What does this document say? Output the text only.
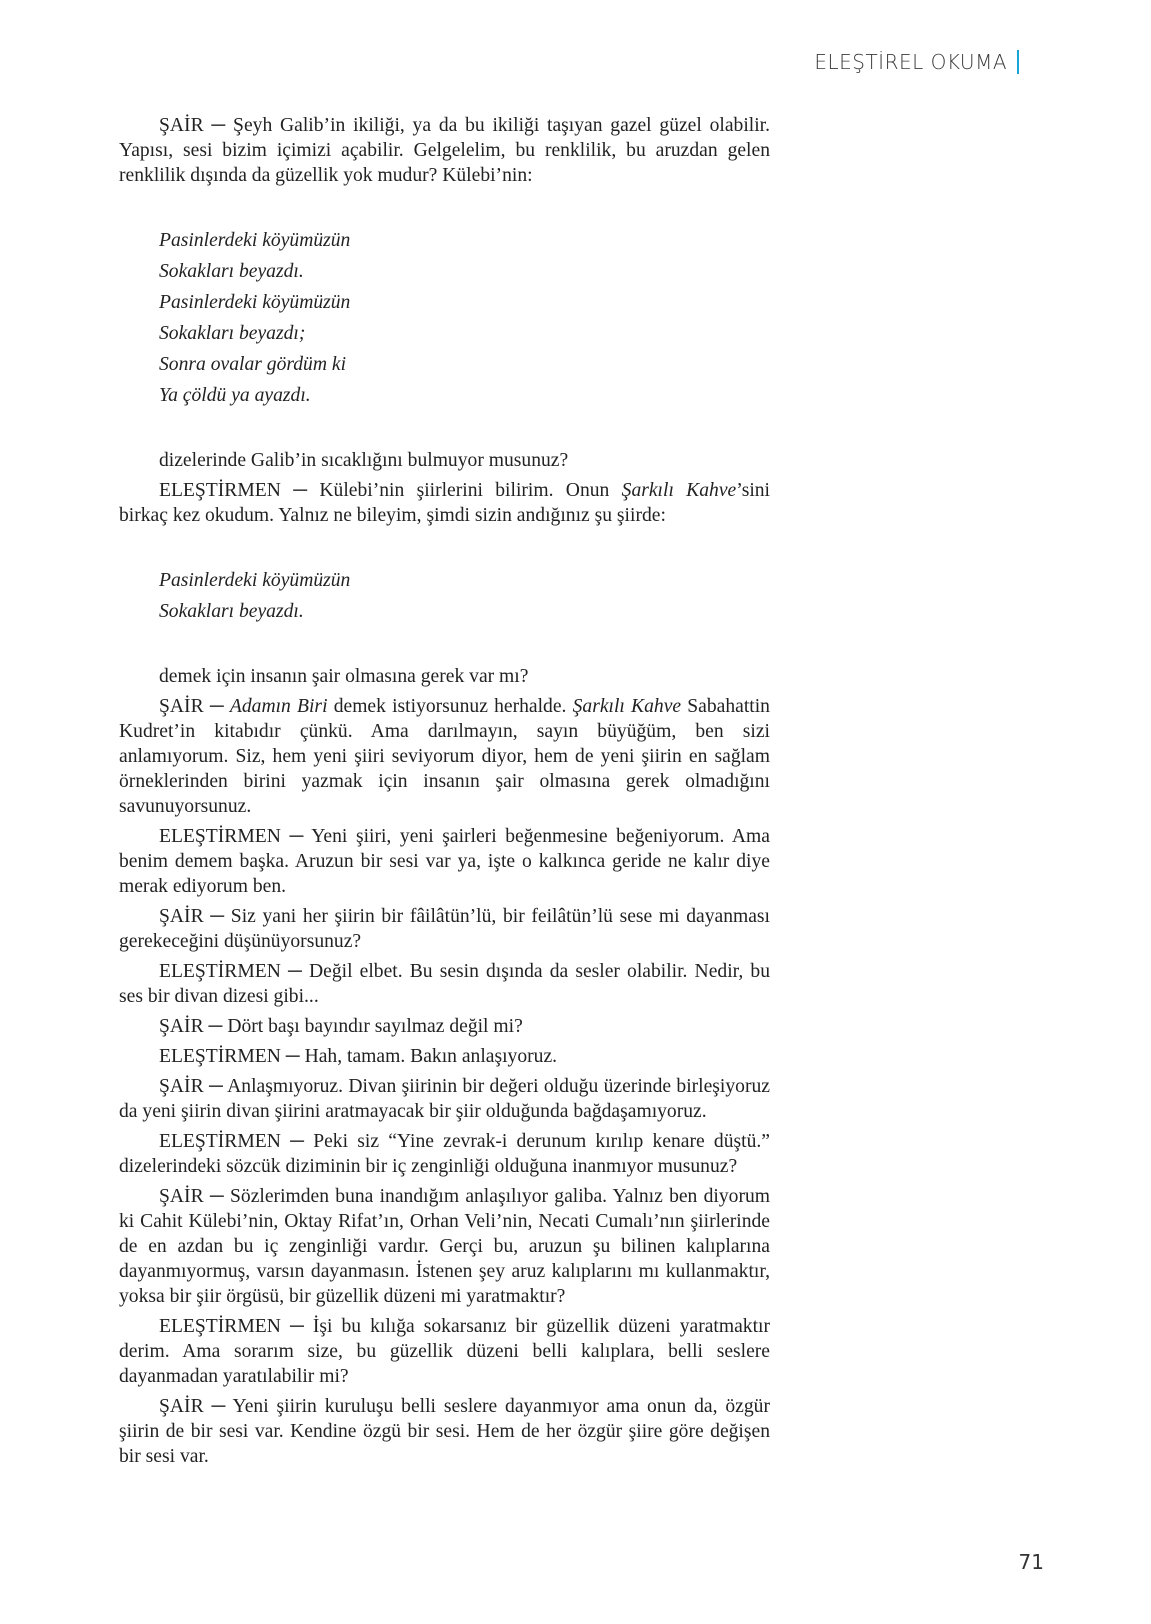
ELEŞTİREL OKUMA

ŞAİR ─ Şeyh Galib’in ikiliği, ya da bu ikiliği taşıyan gazel güzel olabilir. Yapısı, sesi bizim içimizi açabilir. Gelgelelim, bu renklilik, bu aruzdan gelen renklilik dışında da güzellik yok mudur? Külebi’nin:

Pasinlerdeki köyümüzün
Sokakları beyazdı.
Pasinlerdeki köyümüzün
Sokakları beyazdı;
Sonra ovalar gördüm ki
Ya çöldü ya ayazdı.

dizelerinde Galib’in sıcaklığını bulmuyor musunuz?

ELEŞTİRMEN ─ Külebi’nin şiirlerini bilirim. Onun Şarkılı Kahve’sini birkaç kez okudum. Yalnız ne bileyim, şimdi sizin andığınız şu şiirde:

Pasinlerdeki köyümüzün
Sokakları beyazdı.

demek için insanın şair olmasına gerek var mı?

ŞAİR ─ Adamın Biri demek istiyorsunuz herhalde. Şarkılı Kahve Sabahattin Kudret’in kitabıdır çünkü. Ama darılmayın, sayın büyüğüm, ben sizi anlamıyorum. Siz, hem yeni şiiri seviyorum diyor, hem de yeni şiirin en sağlam örneklerinden birini yazmak için insanın şair olmasına gerek olmadığını savunuyorsunuz.

ELEŞTİRMEN ─ Yeni şiiri, yeni şairleri beğenmesine beğeniyorum. Ama benim demem başka. Aruzun bir sesi var ya, işte o kalkınca geride ne kalır diye merak ediyorum ben.

ŞAİR ─ Siz yani her şiirin bir fâilâtün’lü, bir feilâtün’lü sese mi dayanması gerekeceğini düşünüyorsunuz?

ELEŞTİRMEN ─ Değil elbet. Bu sesin dışında da sesler olabilir. Nedir, bu ses bir divan dizesi gibi...

ŞAİR ─ Dört başı bayındır sayılmaz değil mi?

ELEŞTİRMEN ─ Hah, tamam. Bakın anlaşıyoruz.

ŞAİR ─ Anlaşmıyoruz. Divan şiirinin bir değeri olduğu üzerinde birleşiyoruz da yeni şiirin divan şiirini aratmayacak bir şiir olduğunda bağdaşamıyoruz.

ELEŞTİRMEN ─ Peki siz “Yine zevrak-i derunum kırılıp kenare düştü.” dizelerindeki sözcük diziminin bir iç zenginliği olduğuna inanmıyor musunuz?

ŞAİR ─ Sözlerimden buna inandığım anlaşılıyor galiba. Yalnız ben diyorum ki Cahit Külebi’nin, Oktay Rifat’ın, Orhan Veli’nin, Necati Cumalı’nın şiirlerinde de en azdan bu iç zenginliği vardır. Gerçi bu, aruzun şu bilinen kalıplarına dayanmıyormuş, varsın dayanmasın. İstenen şey aruz kalıplarını mı kullanmaktır, yoksa bir şiir örgüsü, bir güzellik düzeni mi yaratmaktır?

ELEŞTİRMEN ─ İşi bu kılığa sokarsanız bir güzellik düzeni yaratmaktır derim. Ama sorarım size, bu güzellik düzeni belli kalıplara, belli seslere dayanmadan yaratılabilir mi?

ŞAİR ─ Yeni şiirin kuruluşu belli seslere dayanmıyor ama onun da, özgür şiirin de bir sesi var. Kendine özgü bir sesi. Hem de her özgür şiire göre değişen bir sesi var.

71
